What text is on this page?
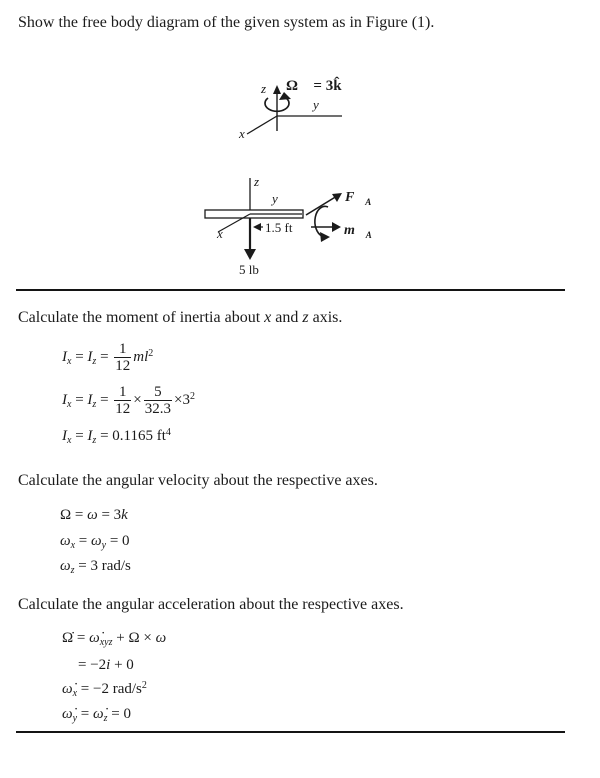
Show the free body diagram of the given system as in Figure (1).

z Ω⃗ = 3k̂
y
x
z
y
x	1.5 ft
5 lb
$F⃗_A$
$m⃗_A$

Calculate the moment of inertia about x and z axis.

$I_x = I_z = \frac{1}{12} ml^2$
$I_x = I_z = \frac{1}{12} \times \frac{5}{32.3} \times 3^2$
$I_x = I_z = 0.1165$ $ft^4$

Calculate the angular velocity about the respective axes.

Ω = ω = 3k
$\omega_x = \omega_y = 0$
$\omega_z = 3$ rad/s

Calculate the angular acceleration about the respective axes.

Ω̇ = $\omegȧ_{xyz} + \Omega \times \omega$
= −2i + 0
$\omegȧ_x = -2$ rad/$s^2$
$\omegȧ_y$ = $\omegȧ_z = 0$
